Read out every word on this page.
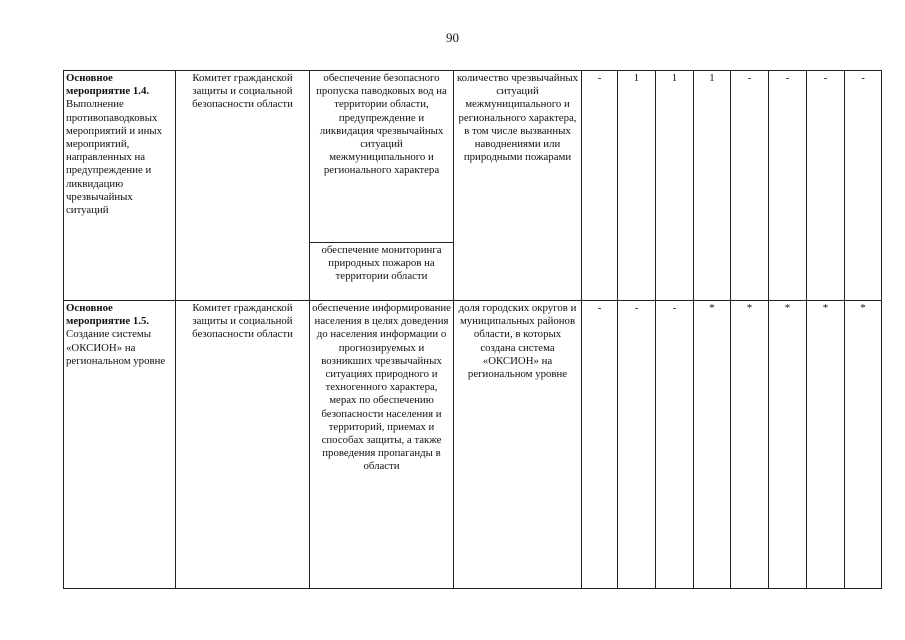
90
Основное мероприятие 1.4. Выполнение противопаводковых мероприятий и иных мероприятий, направленных на предупреждение и ликвидацию чрезвычайных ситуаций	Комитет гражданской защиты и социальной безопасности области	обеспечение безопасного пропуска паводковых вод на территории области, предупреждение и ликвидация чрезвычайных ситуаций межмуниципального и регионального характера	количество чрезвычайных ситуаций межмуниципального и регионального характера, в том числе вызванных наводнениями или природными пожарами	-	1	1	1	-	-	-	-
		обеспечение мониторинга природных пожаров на территории области									
Основное мероприятие 1.5. Создание системы «ОКСИОН» на региональном уровне	Комитет гражданской защиты и социальной безопасности области	обеспечение информирование населения в целях доведения до населения информации о прогнозируемых и возникших чрезвычайных ситуациях природного и техногенного характера, мерах по обеспечению безопасности населения и территорий, приемах и способах защиты, а также проведения пропаганды в области	доля городских округов и муниципальных районов области, в которых создана система «ОКСИОН» на региональном уровне	-	-	-	*	*	*	*	*
